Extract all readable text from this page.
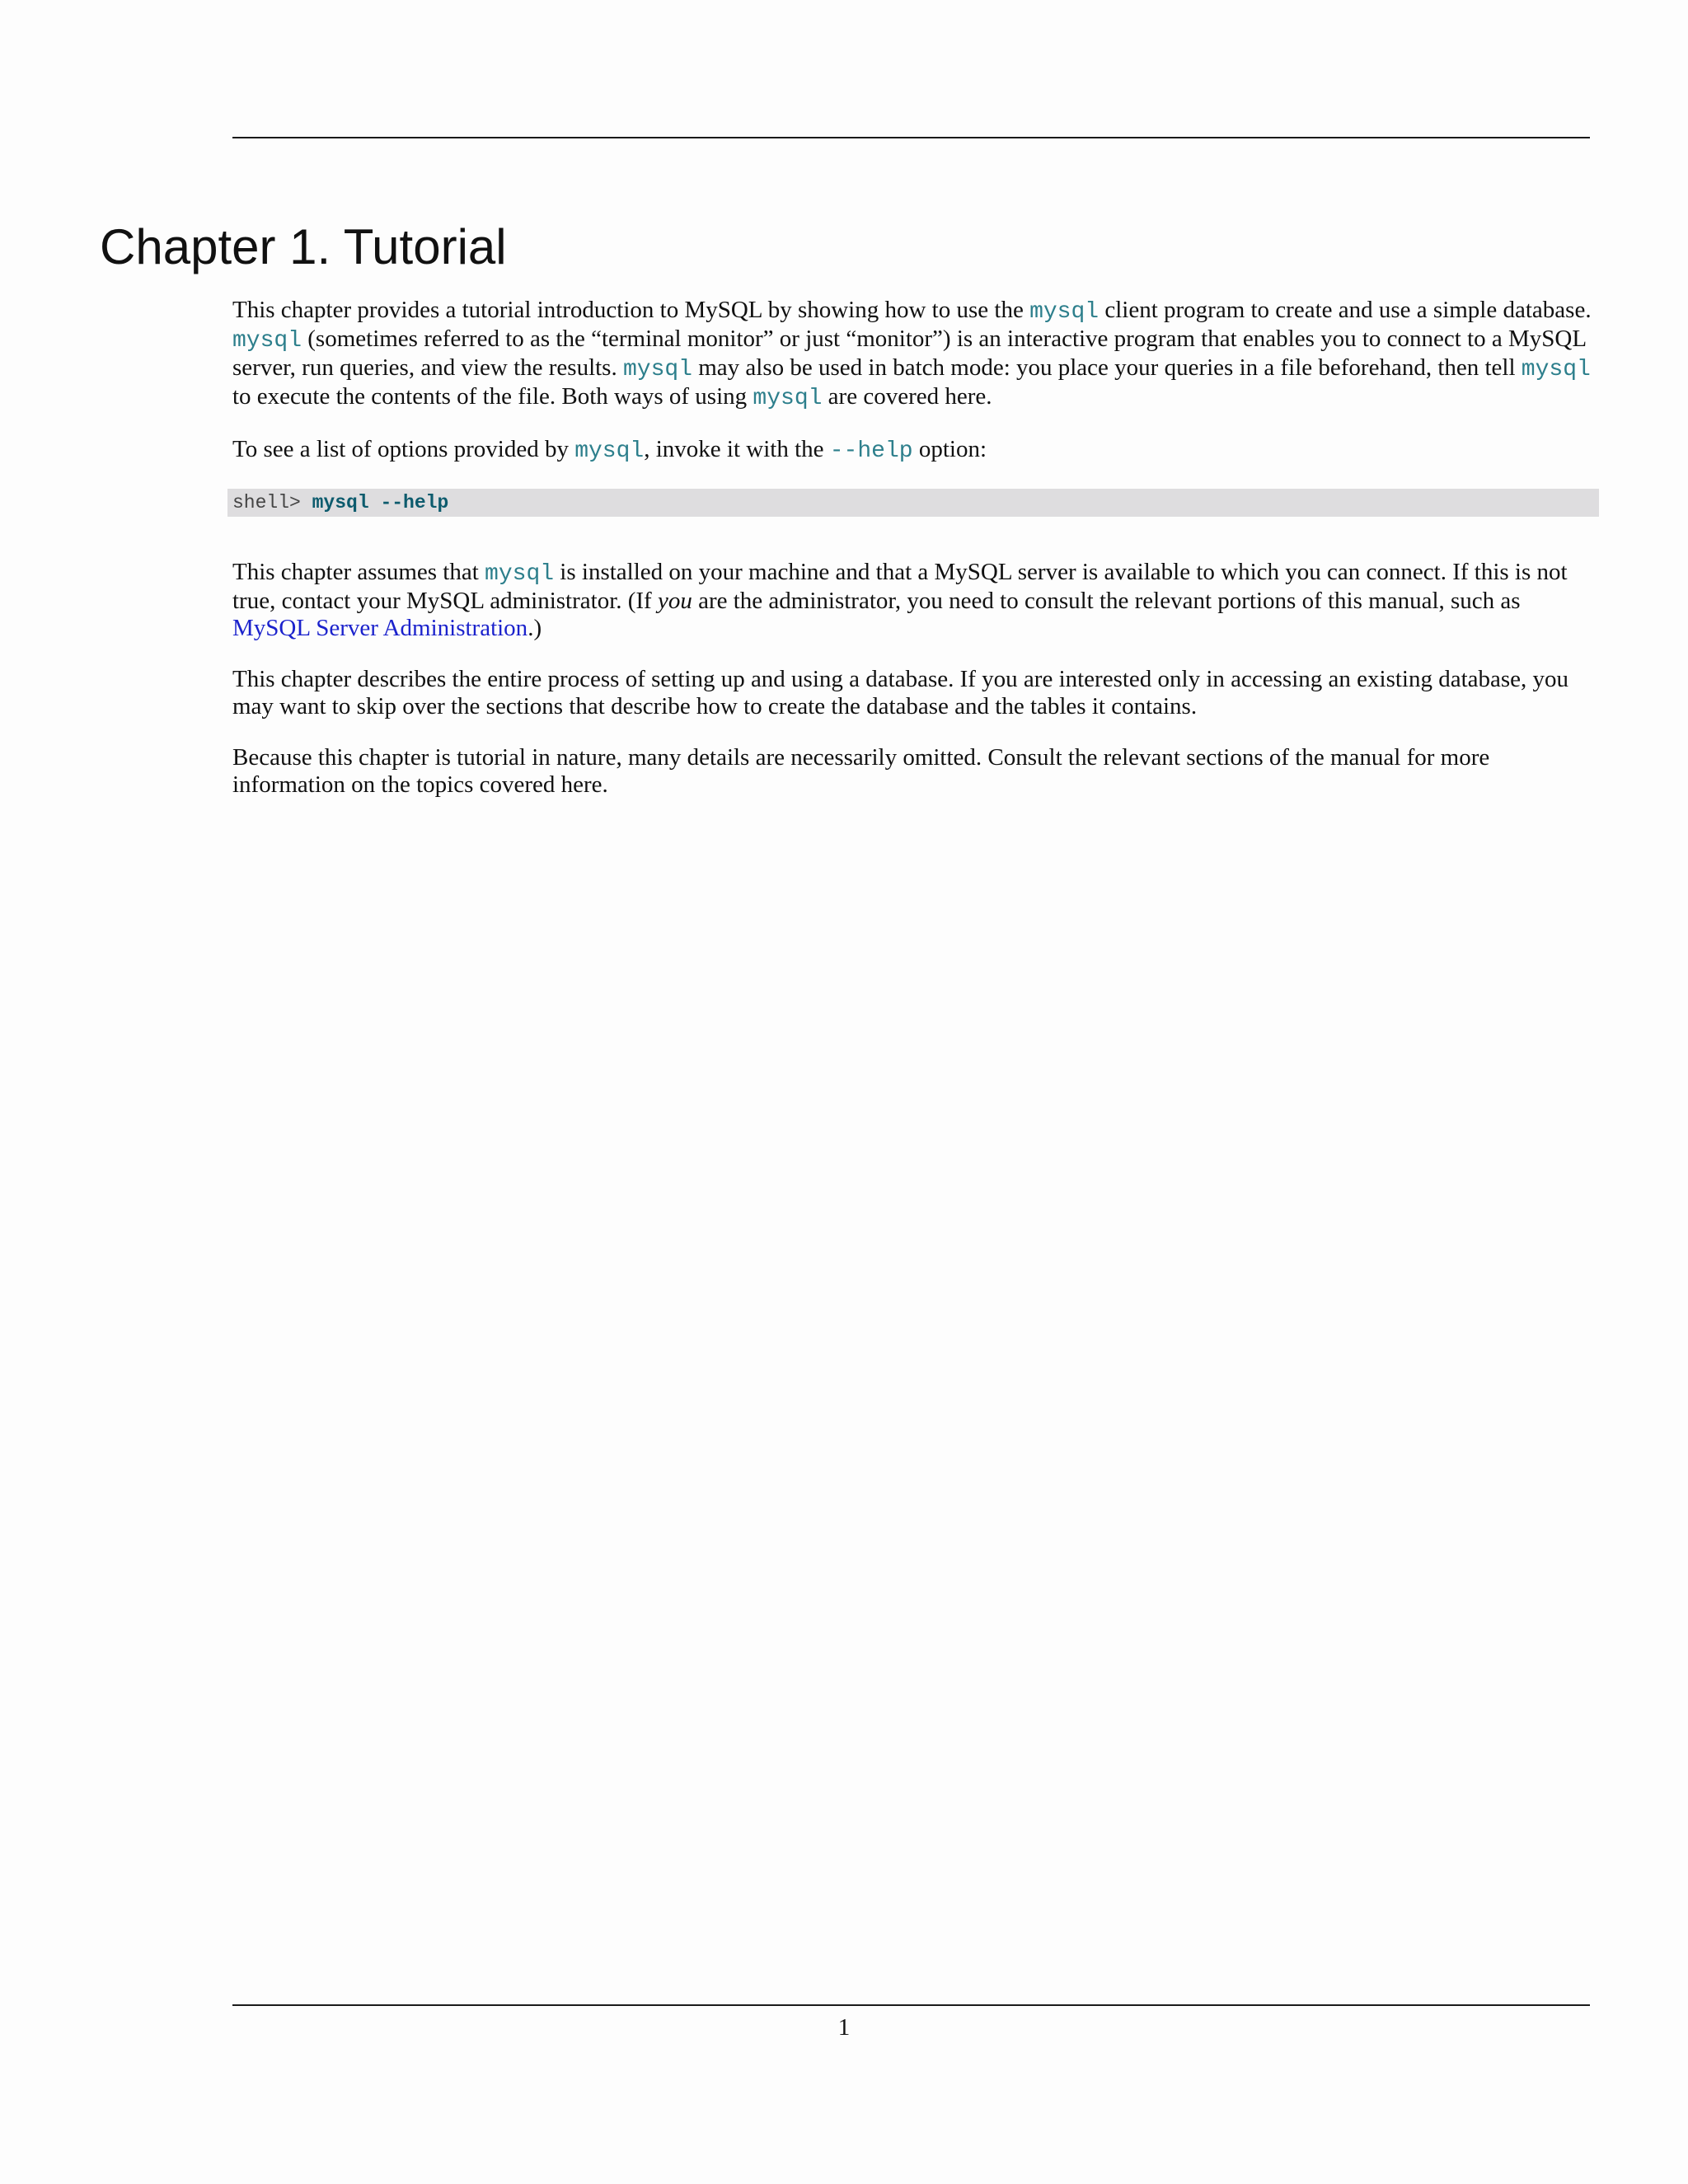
Chapter 1. Tutorial

This chapter provides a tutorial introduction to MySQL by showing how to use the mysql client program to create and use a simple database. mysql (sometimes referred to as the “terminal monitor” or just “monitor”) is an interactive program that enables you to connect to a MySQL server, run queries, and view the results. mysql may also be used in batch mode: you place your queries in a file beforehand, then tell mysql to execute the contents of the file. Both ways of using mysql are covered here.

To see a list of options provided by mysql, invoke it with the --help option:

shell> mysql --help

This chapter assumes that mysql is installed on your machine and that a MySQL server is available to which you can connect. If this is not true, contact your MySQL administrator. (If you are the administrator, you need to consult the relevant portions of this manual, such as MySQL Server Administration.)

This chapter describes the entire process of setting up and using a database. If you are interested only in accessing an existing database, you may want to skip over the sections that describe how to create the database and the tables it contains.

Because this chapter is tutorial in nature, many details are necessarily omitted. Consult the relevant sections of the manual for more information on the topics covered here.

1
